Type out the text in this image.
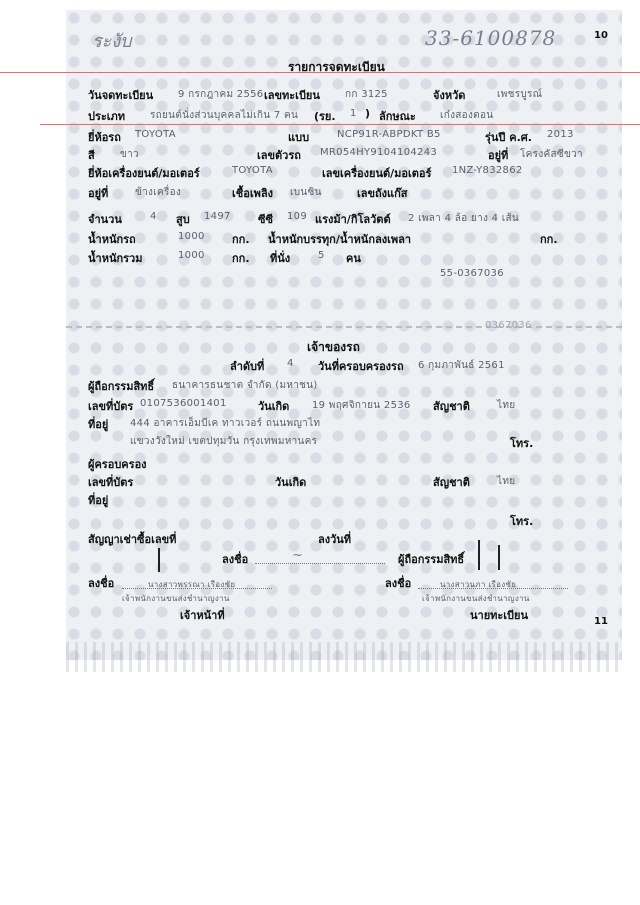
ระงับ	33-6100878	10
รายการจดทะเบียน
วันจดทะเบียน 9 กรกฎาคม 2556 เลขทะเบียน	กก 3125	จังหวัด	เพชรบูรณ์
ประเภท รถยนต์นั่งส่วนบุคคลไม่เกิน 7 คน (รย. 1 ) ลักษณะ เก๋งสองตอน
ยี่ห้อรถ TOYOTA	แบบ	NCP91R-ABPDKT B5	รุ่นปี ค.ศ. 2013
สี	ขาว	เลขตัวรถ MR054HY9104104243	อยู่ที่ โครงคัสซีขวา
ยี่ห้อเครื่องยนต์/มอเตอร์	TOYOTA	เลขเครื่องยนต์/มอเตอร์ 1NZ-Y832862
อยู่ที่	ข้างเครื่อง	เชื้อเพลิง เบนซิน	เลขถังแก๊ส
จำนวน	4 สูบ 1497 ซีซี 109 แรงม้า/กิโลวัตต์ 2 เพลา 4 ล้อ ยาง 4 เส้น
น้ำหนักรถ	1000 กก. น้ำหนักบรรทุก/น้ำหนักลงเพลา	กก.
น้ำหนักรวม	1000 กก. ที่นั่ง	5 คน
55-0367036
0367036
เจ้าของรถ
ลำดับที่ 4 วันที่ครอบครองรถ 6 กุมภาพันธ์ 2561
ผู้ถือกรรมสิทธิ์ ธนาคารธนชาต จำกัด (มหาชน)
เลขที่บัตร 0107536001401	วันเกิด 19 พฤศจิกายน 2536 สัญชาติ	ไทย
ที่อยู่ 444 อาคารเอ็มบีเค ทาวเวอร์ ถนนพญาไท
แขวงวังใหม่ เขตปทุมวัน กรุงเทพมหานคร	โทร.
ผู้ครอบครอง
เลขที่บัตร	วันเกิด	สัญชาติ	ไทย
ที่อยู่
โทร.
สัญญาเช่าซื้อเลขที่	ลงวันที่
ลงชื่อ	~	ผู้ถือกรรมสิทธิ์
ลงชื่อ	นางสาวพรรณา เรืองชัย
เจ้าพนักงานขนส่งชำนาญงาน
เจ้าหน้าที่
ลงชื่อ	นางสาวนภา เรืองชัย
เจ้าพนักงานขนส่งชำนาญงาน
นายทะเบียน	11
